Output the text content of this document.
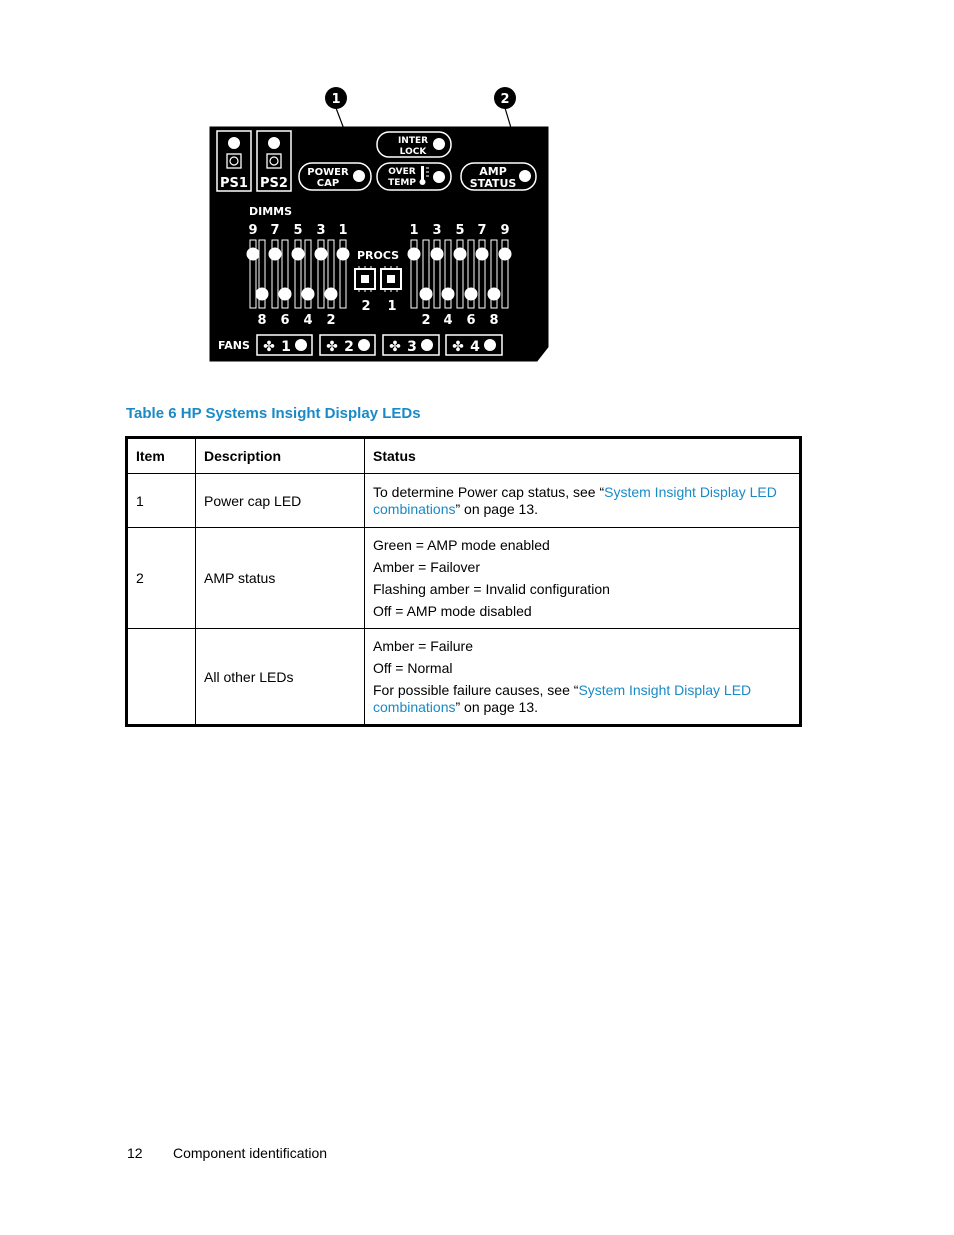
1	2
PS1 PS2
INTER
LOCK
POWER
CAP
OVER
TEMP
AMP
STATUS
DIMMS
PROCS
FANS
9 7 5 3 1
8 6 4 2
1 3 5 7 9
2 4 6 8
2 1
✤ 1	✤ 2	✤ 3	✤ 4

Table 6 HP Systems Insight Display LEDs

Item	Description	Status
1	Power cap LED	To determine Power cap status, see “System Insight Display LED combinations” on page 13.

2	AMP status	Green = AMP mode enabled

Amber = Failover

Flashing amber = Invalid configuration

Off = AMP mode disabled

	All other LEDs	Amber = Failure

Off = Normal

For possible failure causes, see “System Insight Display LED combinations” on page 13.

12 Component identification
